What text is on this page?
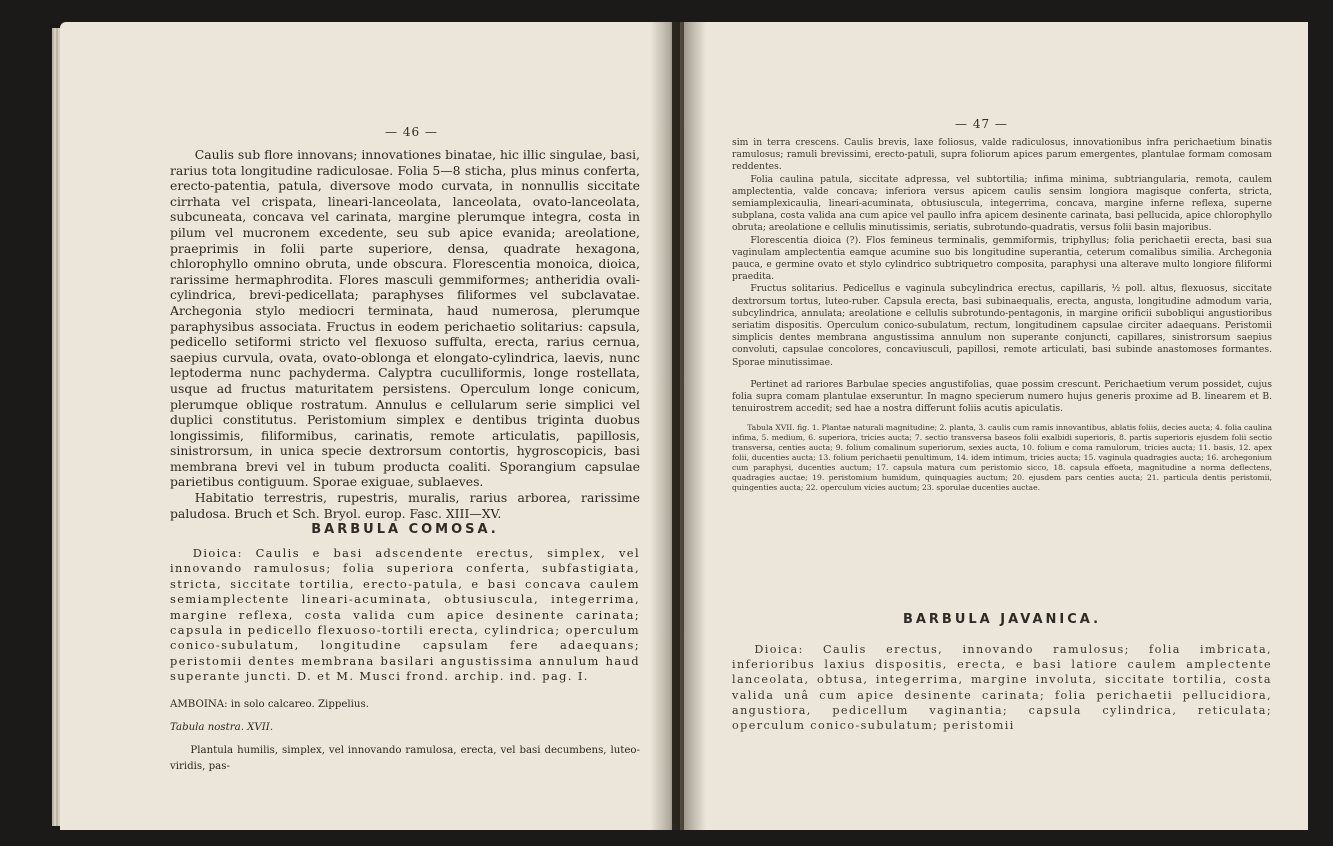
— 46 —

Caulis sub flore innovans; innovationes binatae, hic illic singulae, basi, rarius tota longitudine radiculosae. Folia 5—8 sticha, plus minus conferta, erecto-patentia, patula, diversove modo curvata, in nonnullis siccitate cirrhata vel crispata, lineari-lanceolata, lanceolata, ovato-lanceolata, subcuneata, concava vel carinata, margine plerumque integra, costa in pilum vel mucronem excedente, seu sub apice evanida; areolatione, praeprimis in folii parte superiore, densa, quadrate hexagona, chlorophyllo omnino obruta, unde obscura. Florescentia monoica, dioica, rarissime hermaphrodita. Flores masculi gemmiformes; antheridia ovali-cylindrica, brevi-pedicellata; paraphyses filiformes vel subclavatae. Archegonia stylo mediocri terminata, haud numerosa, plerumque paraphysibus associata. Fructus in eodem perichaetio solitarius: capsula, pedicello setiformi stricto vel flexuoso suffulta, erecta, rarius cernua, saepius curvula, ovata, ovato-oblonga et elongato-cylindrica, laevis, nunc leptoderma nunc pachyderma. Calyptra cuculliformis, longe rostellata, usque ad fructus maturitatem persistens. Operculum longe conicum, plerumque oblique rostratum. Annulus e cellularum serie simplici vel duplici constitutus. Peristomium simplex e dentibus triginta duobus longissimis, filiformibus, carinatis, remote articulatis, papillosis, sinistrorsum, in unica specie dextrorsum contortis, hygroscopicis, basi membrana brevi vel in tubum producta coaliti. Sporangium capsulae parietibus contiguum. Sporae exiguae, sublaeves.

Habitatio terrestris, rupestris, muralis, rarius arborea, rarissime paludosa. Bruch et Sch. Bryol. europ. Fasc. XIII—XV.

BARBULA COMOSA.

Dioica: Caulis e basi adscendente erectus, simplex, vel innovando ramulosus; folia superiora conferta, subfastigiata, stricta, siccitate tortilia, erecto-patula, e basi concava caulem semiamplectente lineari-acuminata, obtusiuscula, integerrima, margine reflexa, costa valida cum apice desinente carinata; capsula in pedicello flexuoso-tortili erecta, cylindrica; operculum conico-subulatum, longitudine capsulam fere adaequans; peristomii dentes membrana basilari angustissima annulum haud superante juncti. D. et M. Musci frond. archip. ind. pag. I.

AMBOINA: in solo calcareo. Zippelius.

Tabula nostra. XVII.

Plantula humilis, simplex, vel innovando ramulosa, erecta, vel basi decumbens, luteo-viridis, pas-

— 47 —

sim in terra crescens. Caulis brevis, laxe foliosus, valde radiculosus, innovationibus infra perichaetium binatis ramulosus; ramuli brevissimi, erecto-patuli, supra foliorum apices parum emergentes, plantulae formam comosam reddentes.

Folia caulina patula, siccitate adpressa, vel subtortilia; infima minima, subtriangularia, remota, caulem amplectentia, valde concava; inferiora versus apicem caulis sensim longiora magisque conferta, stricta, semiamplexicaulia, lineari-acuminata, obtusiuscula, integerrima, concava, margine inferne reflexa, superne subplana, costa valida ana cum apice vel paullo infra apicem desinente carinata, basi pellucida, apice chlorophyllo obruta; areolatione e cellulis minutissimis, seriatis, subrotundo-quadratis, versus folii basin majoribus.

Florescentia dioica (?). Flos femineus terminalis, gemmiformis, triphyllus; folia perichaetii erecta, basi sua vaginulam amplectentia eamque acumine suo bis longitudine superantia, ceterum comalibus similia. Archegonia pauca, e germine ovato et stylo cylindrico subtriquetro composita, paraphysi una alterave multo longiore filiformi praedita.

Fructus solitarius. Pedicellus e vaginula subcylindrica erectus, capillaris, ½ poll. altus, flexuosus, siccitate dextrorsum tortus, luteo-ruber. Capsula erecta, basi subinaequalis, erecta, angusta, longitudine admodum varia, subcylindrica, annulata; areolatione e cellulis subrotundo-pentagonis, in margine orificii subobliqui angustioribus seriatim dispositis. Operculum conico-subulatum, rectum, longitudinem capsulae circiter adaequans. Peristomii simplicis dentes membrana angustissima annulum non superante conjuncti, capillares, sinistrorsum saepius convoluti, capsulae concolores, concaviusculi, papillosi, remote articulati, basi subinde anastomoses formantes. Sporae minutissimae.

Pertinet ad rariores Barbulae species angustifolias, quae possim crescunt. Perichaetium verum possidet, cujus folia supra comam plantulae exseruntur. In magno specierum numero hujus generis proxime ad B. linearem et B. tenuirostrem accedit; sed hae a nostra differunt foliis acutis apiculatis.

Tabula XVII. fig. 1. Plantae naturali magnitudine; 2. planta, 3. caulis cum ramis innovantibus, ablatis foliis, decies aucta; 4. folia caulina infima, 5. medium, 6. superiora, tricies aucta; 7. sectio transversa baseos folii exalbidi superioris, 8. partis superioris ejusdem folii sectio transversa, centies aucta; 9. folium comalinum superiorum, sexies aucta, 10. folium e coma ramulorum, tricies aucta; 11. basis, 12. apex folii, ducenties aucta; 13. folium perichaetii penultimum, 14. idem intimum, tricies aucta; 15. vaginula quadragies aucta; 16. archegonium cum paraphysi, ducenties auctum; 17. capsula matura cum peristomio sicco, 18. capsula effoeta, magnitudine a norma deflectens, quadragies auctae; 19. peristomium humidum, quinquagies auctum; 20. ejusdem pars centies aucta; 21. particula dentis peristomii, quingenties aucta; 22. operculum vicies auctum; 23. sporulae ducenties auctae.

BARBULA JAVANICA.

Dioica: Caulis erectus, innovando ramulosus; folia imbricata, inferioribus laxius dispositis, erecta, e basi latiore caulem amplectente lanceolata, obtusa, integerrima, margine involuta, siccitate tortilia, costa valida unâ cum apice desinente carinata; folia perichaetii pellucidiora, angustiora, pedicellum vaginantia; capsula cylindrica, reticulata; operculum conico-subulatum; peristomii
